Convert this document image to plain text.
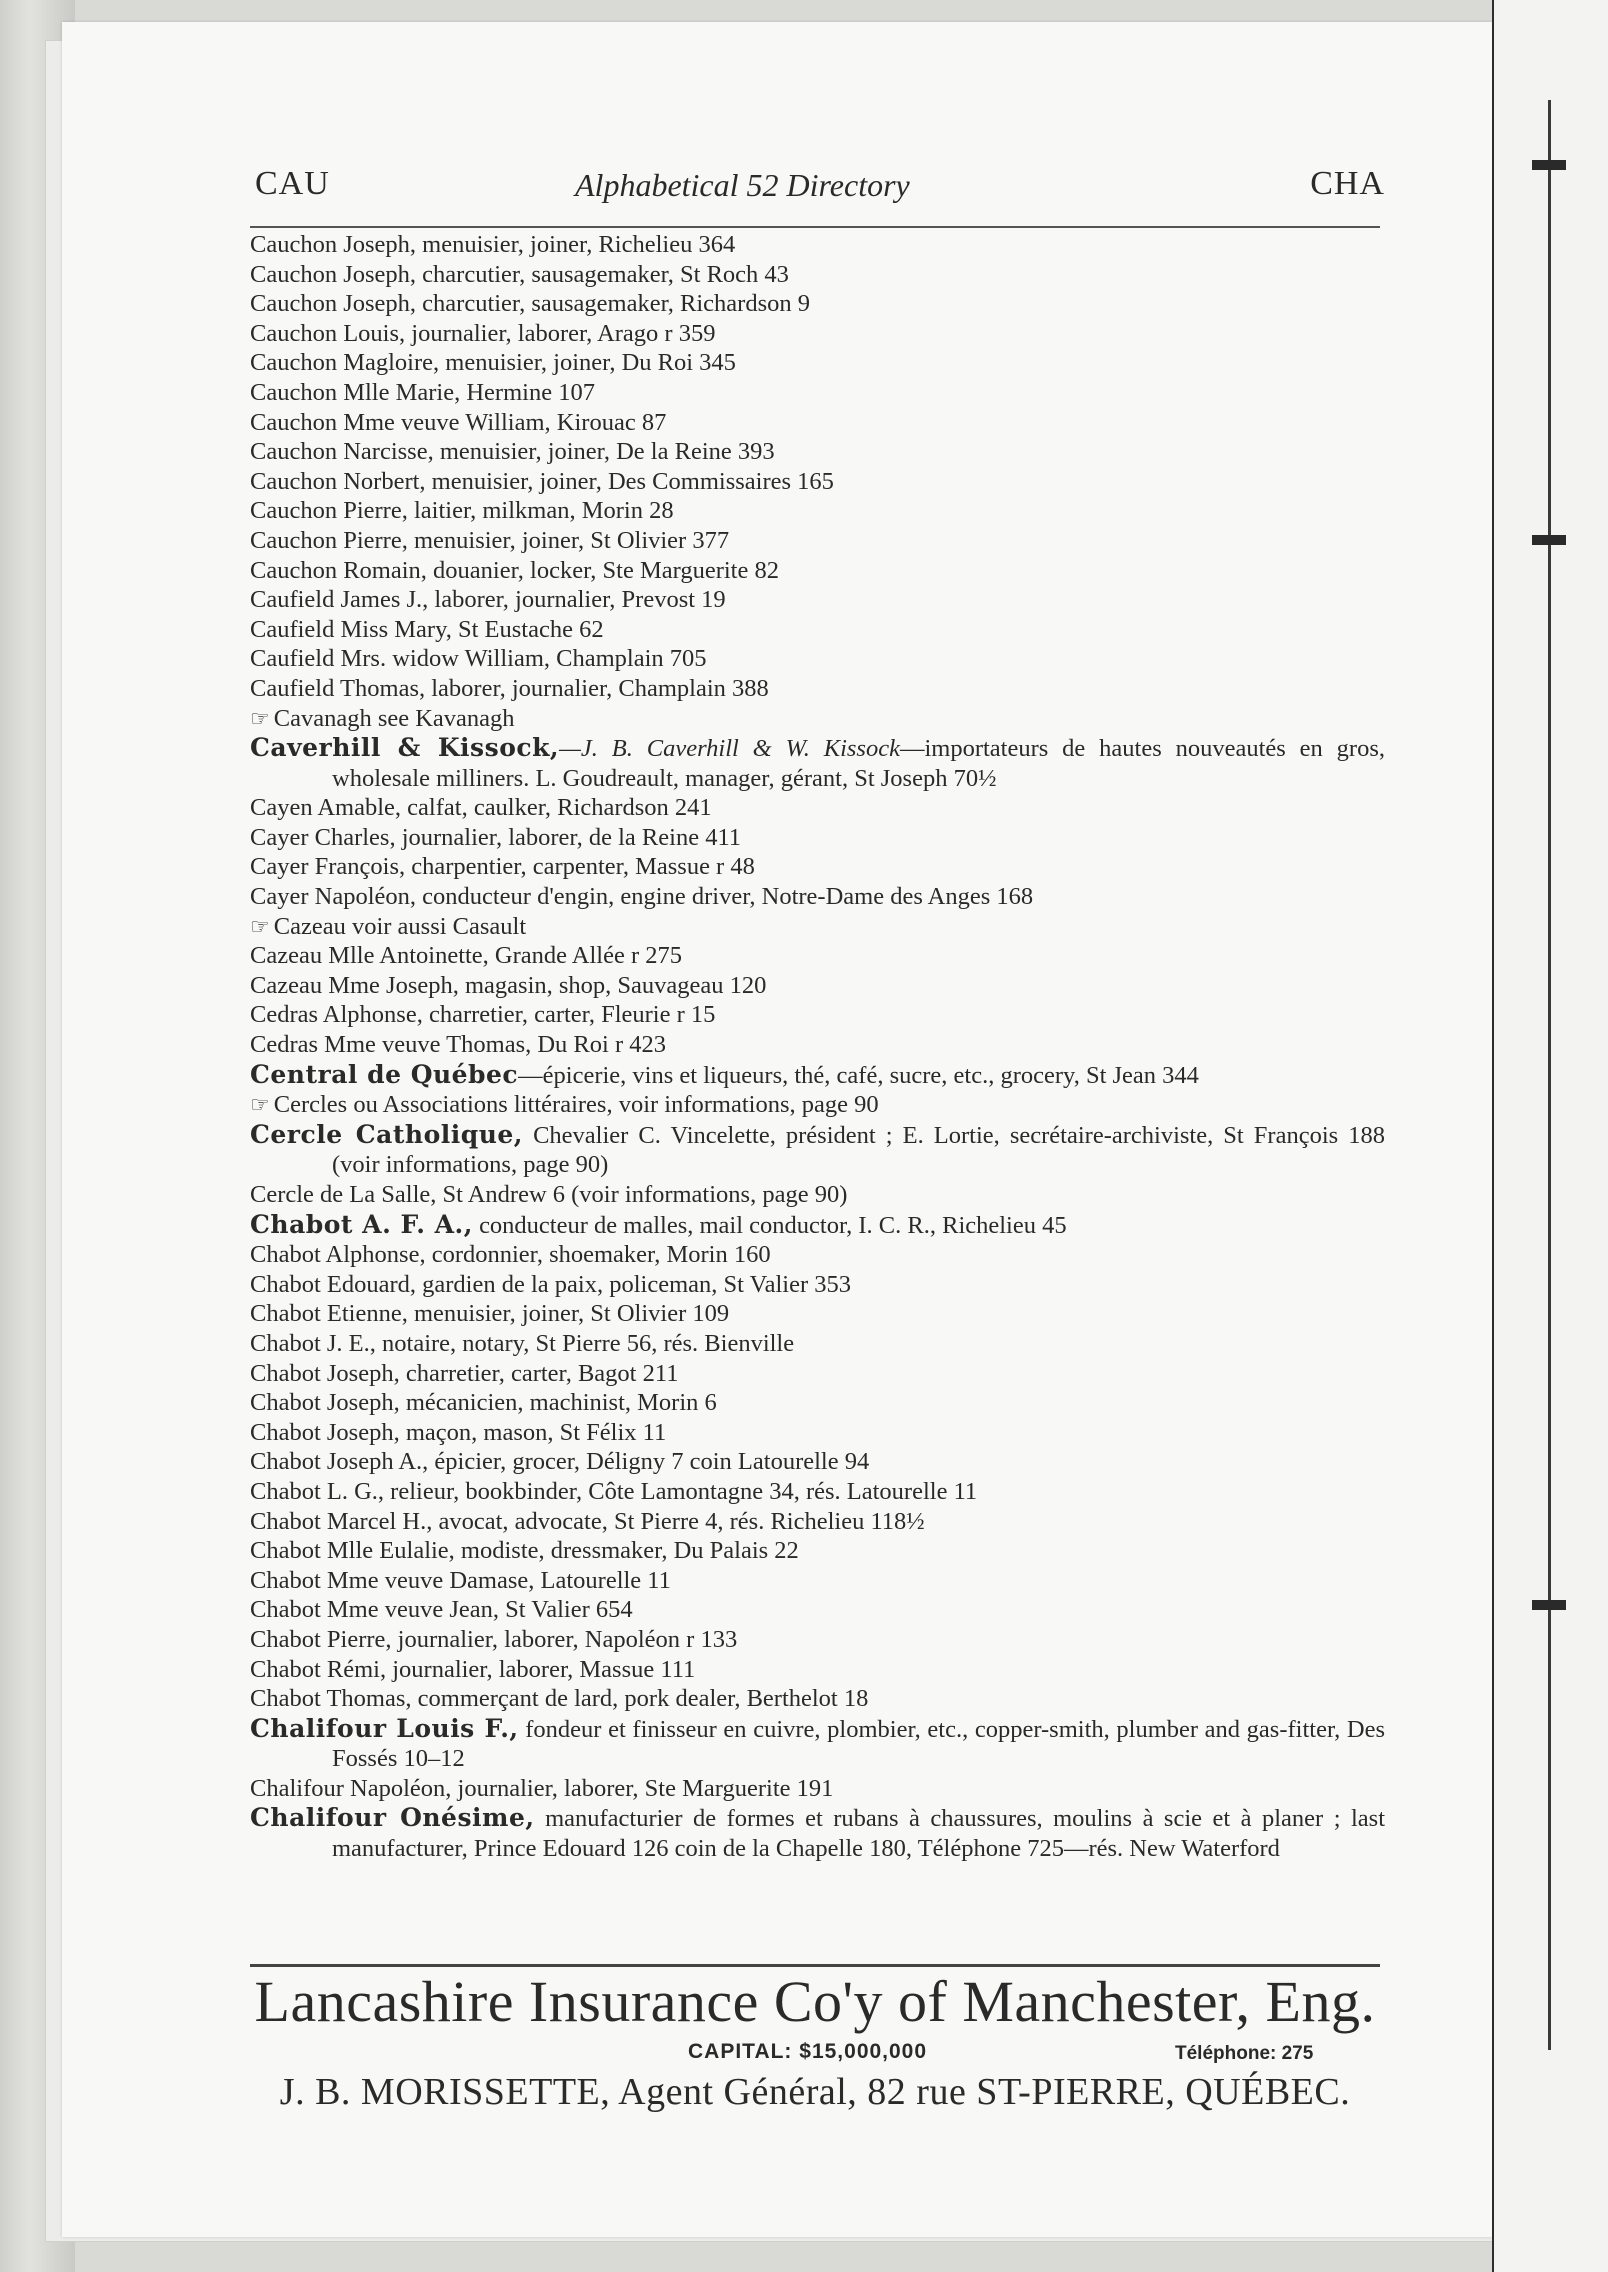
CAU	Alphabetical 52 Directory	CHA
Cauchon Joseph, menuisier, joiner, Richelieu 364
Cauchon Joseph, charcutier, sausagemaker, St Roch 43
Cauchon Joseph, charcutier, sausagemaker, Richardson 9
Cauchon Louis, journalier, laborer, Arago r 359
Cauchon Magloire, menuisier, joiner, Du Roi 345
Cauchon Mlle Marie, Hermine 107
Cauchon Mme veuve William, Kirouac 87
Cauchon Narcisse, menuisier, joiner, De la Reine 393
Cauchon Norbert, menuisier, joiner, Des Commissaires 165
Cauchon Pierre, laitier, milkman, Morin 28
Cauchon Pierre, menuisier, joiner, St Olivier 377
Cauchon Romain, douanier, locker, Ste Marguerite 82
Caufield James J., laborer, journalier, Prevost 19
Caufield Miss Mary, St Eustache 62
Caufield Mrs. widow William, Champlain 705
Caufield Thomas, laborer, journalier, Champlain 388
☞ Cavanagh see Kavanagh
Caverhill & Kissock,—J. B. Caverhill & W. Kissock—importateurs de hautes nouveautés en gros, wholesale milliners. L. Goudreault, manager, gérant, St Joseph 70½
Cayen Amable, calfat, caulker, Richardson 241
Cayer Charles, journalier, laborer, de la Reine 411
Cayer François, charpentier, carpenter, Massue r 48
Cayer Napoléon, conducteur d'engin, engine driver, Notre-Dame des Anges 168
☞ Cazeau voir aussi Casault
Cazeau Mlle Antoinette, Grande Allée r 275
Cazeau Mme Joseph, magasin, shop, Sauvageau 120
Cedras Alphonse, charretier, carter, Fleurie r 15
Cedras Mme veuve Thomas, Du Roi r 423
Central de Québec—épicerie, vins et liqueurs, thé, café, sucre, etc., grocery, St Jean 344
☞ Cercles ou Associations littéraires, voir informations, page 90
Cercle Catholique, Chevalier C. Vincelette, président ; E. Lortie, secrétaire-archiviste, St François 188 (voir informations, page 90)
Cercle de La Salle, St Andrew 6 (voir informations, page 90)
Chabot A. F. A., conducteur de malles, mail conductor, I. C. R., Richelieu 45
Chabot Alphonse, cordonnier, shoemaker, Morin 160
Chabot Edouard, gardien de la paix, policeman, St Valier 353
Chabot Etienne, menuisier, joiner, St Olivier 109
Chabot J. E., notaire, notary, St Pierre 56, rés. Bienville
Chabot Joseph, charretier, carter, Bagot 211
Chabot Joseph, mécanicien, machinist, Morin 6
Chabot Joseph, maçon, mason, St Félix 11
Chabot Joseph A., épicier, grocer, Déligny 7 coin Latourelle 94
Chabot L. G., relieur, bookbinder, Côte Lamontagne 34, rés. Latourelle 11
Chabot Marcel H., avocat, advocate, St Pierre 4, rés. Richelieu 118½
Chabot Mlle Eulalie, modiste, dressmaker, Du Palais 22
Chabot Mme veuve Damase, Latourelle 11
Chabot Mme veuve Jean, St Valier 654
Chabot Pierre, journalier, laborer, Napoléon r 133
Chabot Rémi, journalier, laborer, Massue 111
Chabot Thomas, commerçant de lard, pork dealer, Berthelot 18
Chalifour Louis F., fondeur et finisseur en cuivre, plombier, etc., copper-smith, plumber and gas-fitter, Des Fossés 10–12
Chalifour Napoléon, journalier, laborer, Ste Marguerite 191
Chalifour Onésime, manufacturier de formes et rubans à chaussures, moulins à scie et à planer ; last manufacturer, Prince Edouard 126 coin de la Chapelle 180, Téléphone 725—rés. New Waterford
Lancashire Insurance Co'y of Manchester, Eng.
CAPITAL: $15,000,000	Téléphone: 275
J. B. MORISSETTE, Agent Général, 82 rue ST-PIERRE, QUÉBEC.
